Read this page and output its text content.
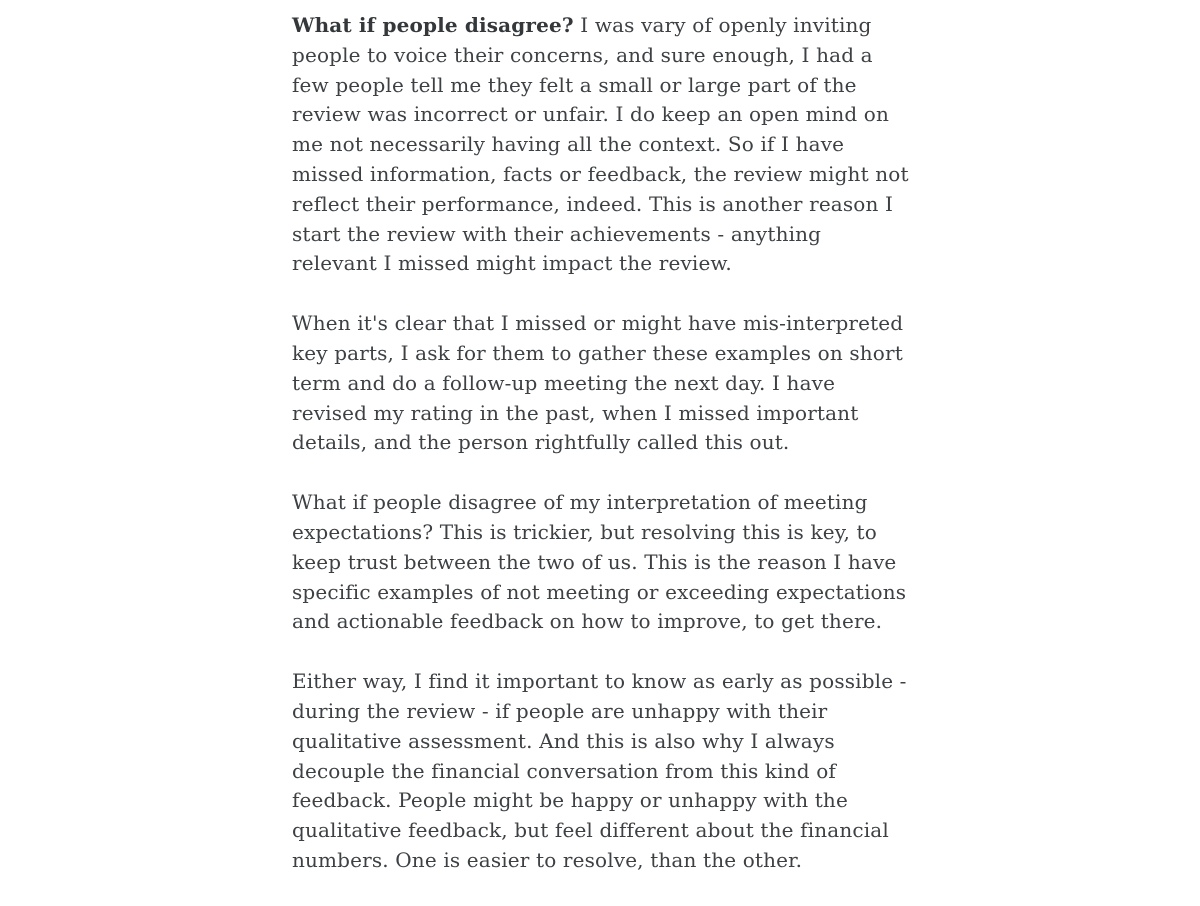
What if people disagree? I was vary of openly inviting people to voice their concerns, and sure enough, I had a few people tell me they felt a small or large part of the review was incorrect or unfair. I do keep an open mind on me not necessarily having all the context. So if I have missed information, facts or feedback, the review might not reflect their performance, indeed. This is another reason I start the review with their achievements - anything relevant I missed might impact the review.

When it's clear that I missed or might have mis-interpreted key parts, I ask for them to gather these examples on short term and do a follow-up meeting the next day. I have revised my rating in the past, when I missed important details, and the person rightfully called this out.

What if people disagree of my interpretation of meeting expectations? This is trickier, but resolving this is key, to keep trust between the two of us. This is the reason I have specific examples of not meeting or exceeding expectations and actionable feedback on how to improve, to get there.

Either way, I find it important to know as early as possible - during the review - if people are unhappy with their qualitative assessment. And this is also why I always decouple the financial conversation from this kind of feedback. People might be happy or unhappy with the qualitative feedback, but feel different about the financial numbers. One is easier to resolve, than the other.
